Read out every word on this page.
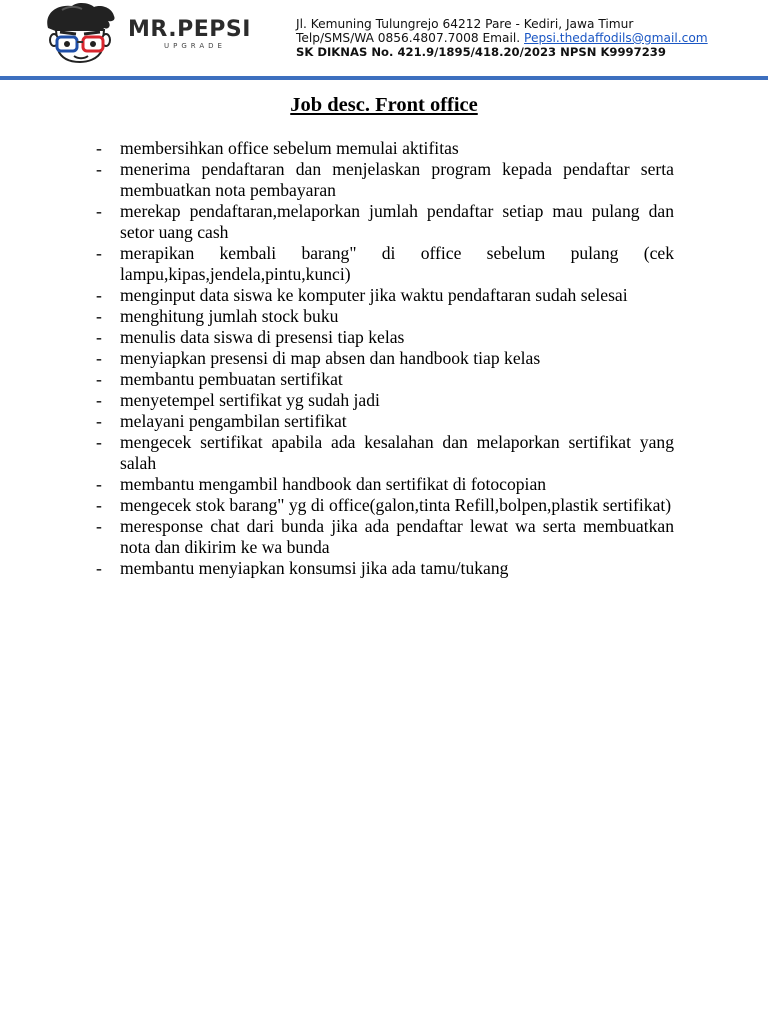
MR.PEPSI
UPGRADE
Jl. Kemuning Tulungrejo 64212 Pare - Kediri, Jawa Timur
Telp/SMS/WA 0856.4807.7008 Email. Pepsi.thedaffodils@gmail.com
SK DIKNAS No. 421.9/1895/418.20/2023 NPSN K9997239
Job desc. Front office
- membersihkan office sebelum memulai aktifitas
- menerima pendaftaran dan menjelaskan program kepada pendaftar serta membuatkan nota pembayaran
- merekap pendaftaran,melaporkan jumlah pendaftar setiap mau pulang dan setor uang cash
- merapikan kembali barang" di office sebelum pulang (cek lampu,kipas,jendela,pintu,kunci)
- menginput data siswa ke komputer jika waktu pendaftaran sudah selesai
- menghitung jumlah stock buku
- menulis data siswa di presensi tiap kelas
- menyiapkan presensi di map absen dan handbook tiap kelas
- membantu pembuatan sertifikat
- menyetempel sertifikat yg sudah jadi
- melayani pengambilan sertifikat
- mengecek sertifikat apabila ada kesalahan dan melaporkan sertifikat yang salah
- membantu mengambil handbook dan sertifikat di fotocopian
- mengecek stok barang" yg di office(galon,tinta Refill,bolpen,plastik sertifikat)
- meresponse chat dari bunda jika ada pendaftar lewat wa serta membuatkan nota dan dikirim ke wa bunda
- membantu menyiapkan konsumsi jika ada tamu/tukang
